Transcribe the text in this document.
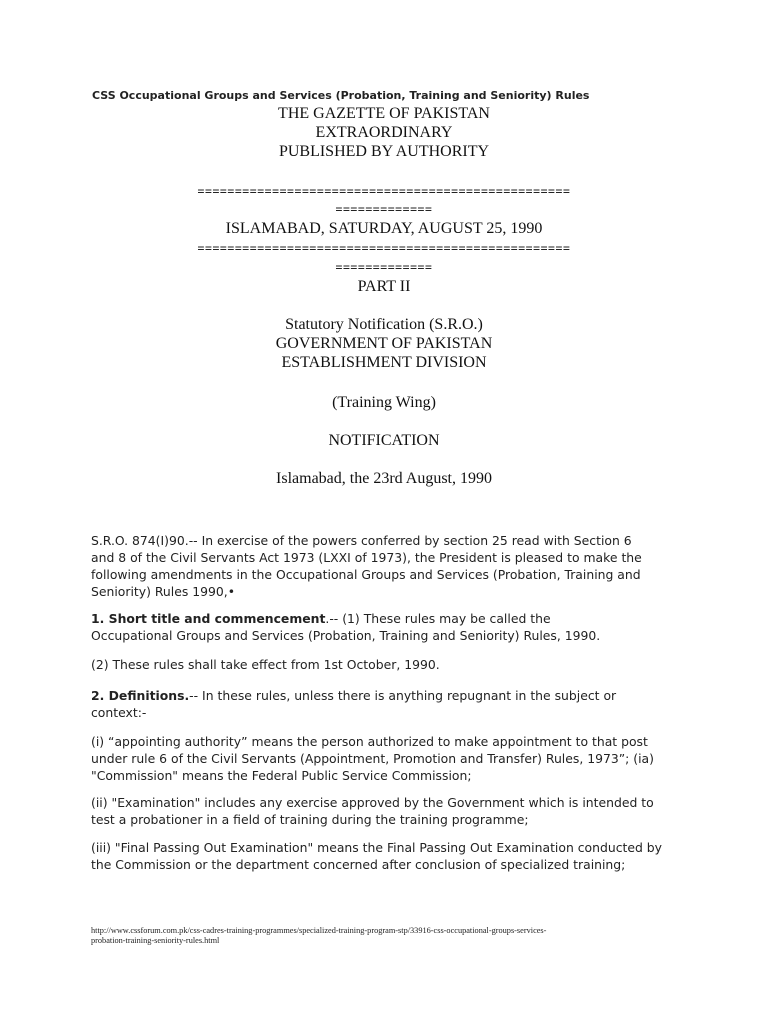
CSS Occupational Groups and Services (Probation, Training and Seniority) Rules
THE GAZETTE OF PAKISTAN
EXTRAORDINARY
PUBLISHED BY AUTHORITY
==================================================
=============
ISLAMABAD, SATURDAY, AUGUST 25, 1990
==================================================
=============
PART II
Statutory Notification (S.R.O.)
GOVERNMENT OF PAKISTAN
ESTABLISHMENT DIVISION
(Training Wing)
NOTIFICATION
Islamabad, the 23rd August, 1990
S.R.O. 874(I)90.-- In exercise of the powers conferred by section 25 read with Section 6
and 8 of the Civil Servants Act 1973 (LXXI of 1973), the President is pleased to make the
following amendments in the Occupational Groups and Services (Probation, Training and
Seniority) Rules 1990,•
1. Short title and commencement.-- (1) These rules may be called the
Occupational Groups and Services (Probation, Training and Seniority) Rules, 1990.
(2) These rules shall take effect from 1st October, 1990.
2. Definitions.-- In these rules, unless there is anything repugnant in the subject or
context:-
(i) “appointing authority” means the person authorized to make appointment to that post
under rule 6 of the Civil Servants (Appointment, Promotion and Transfer) Rules, 1973”; (ia)
"Commission" means the Federal Public Service Commission;
(ii) "Examination" includes any exercise approved by the Government which is intended to
test a probationer in a field of training during the training programme;
(iii) "Final Passing Out Examination" means the Final Passing Out Examination conducted by
the Commission or the department concerned after conclusion of specialized training;
http://www.cssforum.com.pk/css-cadres-training-programmes/specialized-training-program-stp/33916-css-occupational-groups-services-
probation-training-seniority-rules.html
